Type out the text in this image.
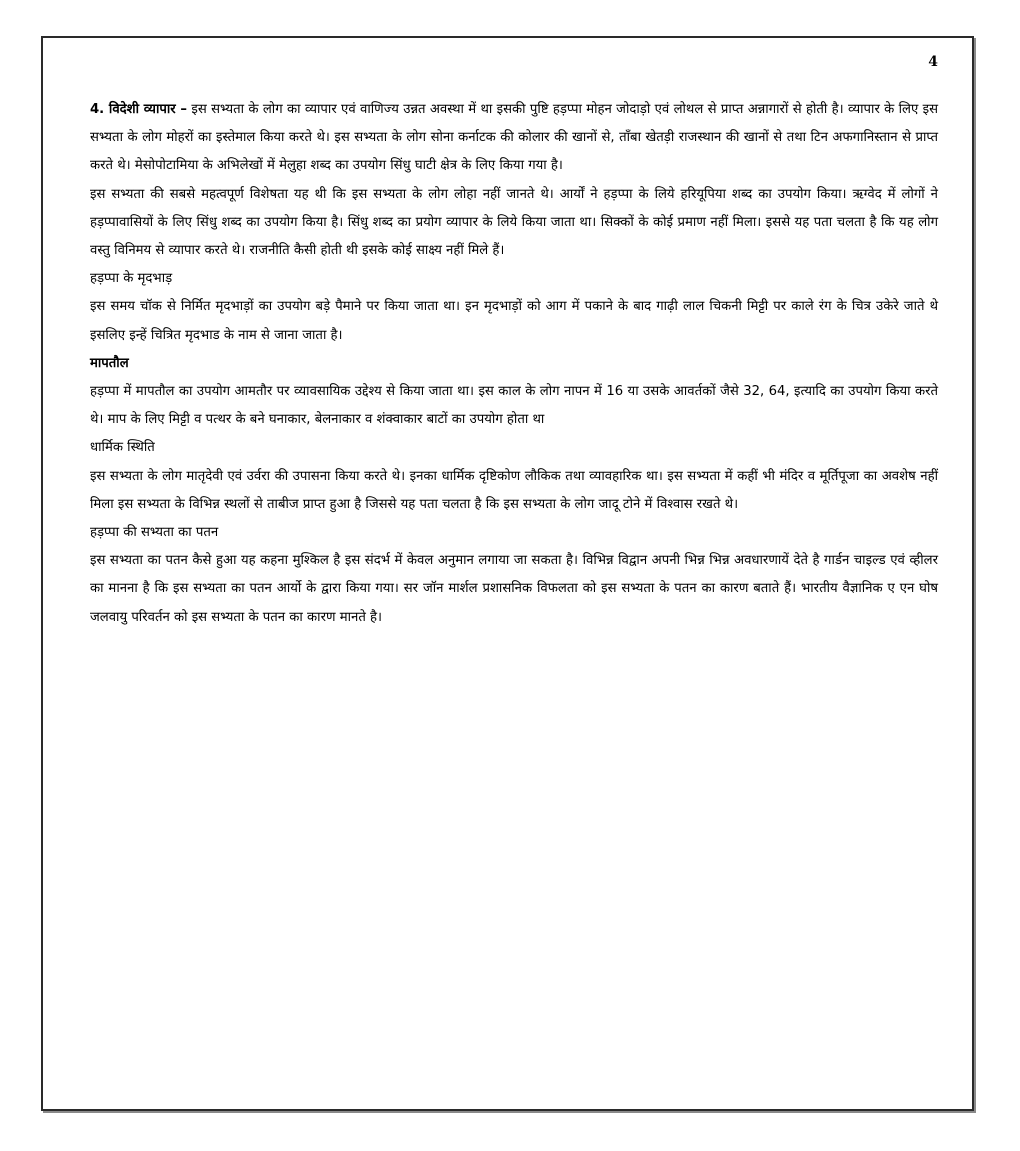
4

4. विदेशी व्यापार – इस सभ्यता के लोग का व्यापार एवं वाणिज्य उन्नत अवस्था में था इसकी पुष्टि हड़प्पा मोहन जोदाड़ो एवं लोथल से प्राप्त अन्नागारों से होती है। व्यापार के लिए इस सभ्यता के लोग मोहरों का इस्तेमाल किया करते थे। इस सभ्यता के लोग सोना कर्नाटक की कोलार की खानों से, ताँबा खेतड़ी राजस्थान की खानों से तथा टिन अफगानिस्तान से प्राप्त करते थे। मेसोपोटामिया के अभिलेखों में मेलुहा शब्द का उपयोग सिंधु घाटी क्षेत्र के लिए किया गया है।

इस सभ्यता की सबसे महत्वपूर्ण विशेषता यह थी कि इस सभ्यता के लोग लोहा नहीं जानते थे। आर्यों ने हड़प्पा के लिये हरियूपिया शब्द का उपयोग किया। ऋग्वेद में लोगों ने हड़प्पावासियों के लिए सिंधु शब्द का उपयोग किया है। सिंधु शब्द का प्रयोग व्यापार के लिये किया जाता था। सिक्कों के कोई प्रमाण नहीं मिला। इससे यह पता चलता है कि यह लोग वस्तु विनिमय से व्यापार करते थे। राजनीति कैसी होती थी इसके कोई साक्ष्य नहीं मिले हैं।

हड़प्पा के मृदभाड़

इस समय चॉक से निर्मित मृदभाड़ों का उपयोग बड़े पैमाने पर किया जाता था। इन मृदभाड़ों को आग में पकाने के बाद गाढ़ी लाल चिकनी मिट्टी पर काले रंग के चित्र उकेरे जाते थे इसलिए इन्हें चित्रित मृदभाड के नाम से जाना जाता है।

मापतौल

हड़प्पा में मापतौल का उपयोग आमतौर पर व्यावसायिक उद्देश्य से किया जाता था। इस काल के लोग नापन में 16 या उसके आवर्तकों जैसे 32, 64, इत्यादि का उपयोग किया करते थे। माप के लिए मिट्टी व पत्थर के बने घनाकार, बेलनाकार व शंक्वाकार बाटों का उपयोग होता था

धार्मिक स्थिति

इस सभ्यता के लोग मातृदेवी एवं उर्वरा की उपासना किया करते थे। इनका धार्मिक दृष्टिकोण लौकिक तथा व्यावहारिक था। इस सभ्यता में कहीं भी मंदिर व मूर्तिपूजा का अवशेष नहीं मिला इस सभ्यता के विभिन्न स्थलों से ताबीज प्राप्त हुआ है जिससे यह पता चलता है कि इस सभ्यता के लोग जादू टोने में विश्वास रखते थे।

हड़प्पा की सभ्यता का पतन

इस सभ्यता का पतन कैसे हुआ यह कहना मुश्किल है इस संदर्भ में केवल अनुमान लगाया जा सकता है। विभिन्न विद्वान अपनी भिन्न भिन्न अवधारणायें देते है गार्डन चाइल्ड एवं व्हीलर का मानना है कि इस सभ्यता का पतन आर्यो के द्वारा किया गया। सर जॉन मार्शल प्रशासनिक विफलता को इस सभ्यता के पतन का कारण बताते हैं। भारतीय वैज्ञानिक ए एन घोष जलवायु परिवर्तन को इस सभ्यता के पतन का कारण मानते है।
